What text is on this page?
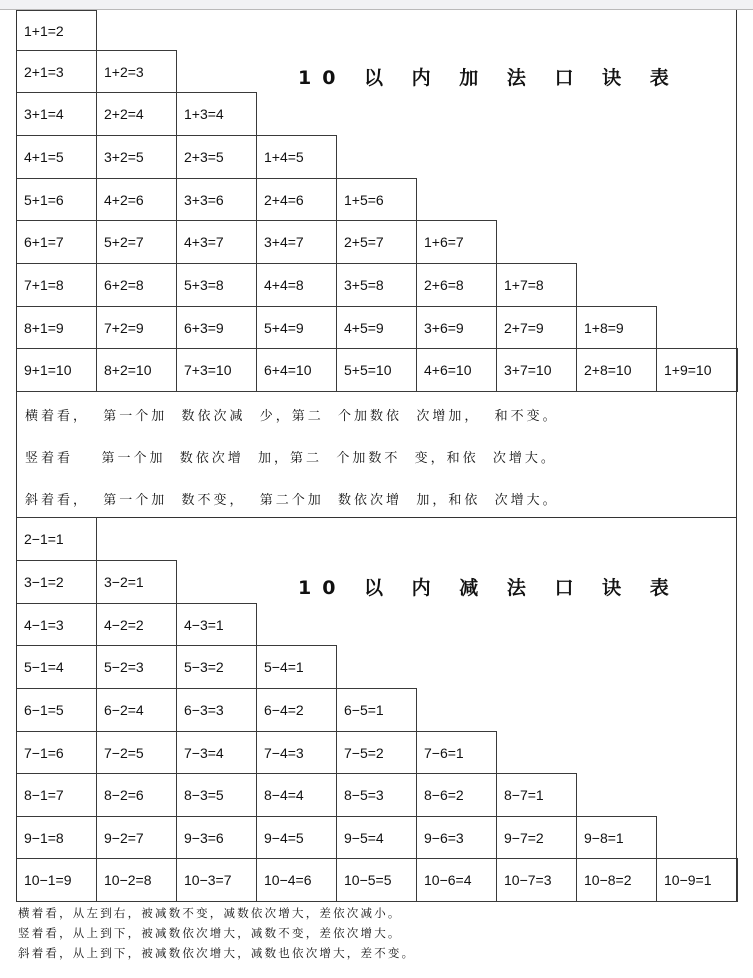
1+1=2
2+1=3	1+2=3
3+1=4	2+2=4	1+3=4
4+1=5	3+2=5	2+3=5	1+4=5
5+1=6	4+2=6	3+3=6	2+4=6	1+5=6
6+1=7	5+2=7	4+3=7	3+4=7	2+5=7	1+6=7
7+1=8	6+2=8	5+3=8	4+4=8	3+5=8	2+6=8	1+7=8
8+1=9	7+2=9	6+3=9	5+4=9	4+5=9	3+6=9	2+7=9	1+8=9
9+1=10	8+2=10	7+3=10	6+4=10	5+5=10	4+6=10	3+7=10	2+8=10	1+9=10
10 以 内 加 法 口 诀 表
横着看，  第一个加  数依次减  少，第二  个加数依  次增加，  和不变。
竖着看    第一个加  数依次增  加，第二  个加数不  变，和依  次增大。
斜着看，  第一个加  数不变，  第二个加  数依次增  加，和依  次增大。
2−1=1
3−1=2	3−2=1
4−1=3	4−2=2	4−3=1
5−1=4	5−2=3	5−3=2	5−4=1
6−1=5	6−2=4	6−3=3	6−4=2	6−5=1
7−1=6	7−2=5	7−3=4	7−4=3	7−5=2	7−6=1
8−1=7	8−2=6	8−3=5	8−4=4	8−5=3	8−6=2	8−7=1
9−1=8	9−2=7	9−3=6	9−4=5	9−5=4	9−6=3	9−7=2	9−8=1
10−1=9	10−2=8	10−3=7	10−4=6	10−5=5	10−6=4	10−7=3	10−8=2	10−9=1
10 以 内 减 法 口 诀 表
横着看，从左到右，被减数不变，减数依次增大，差依次减小。
竖着看，从上到下，被减数依次增大，减数不变，差依次增大。
斜着看，从上到下，被减数依次增大，减数也依次增大，差不变。
